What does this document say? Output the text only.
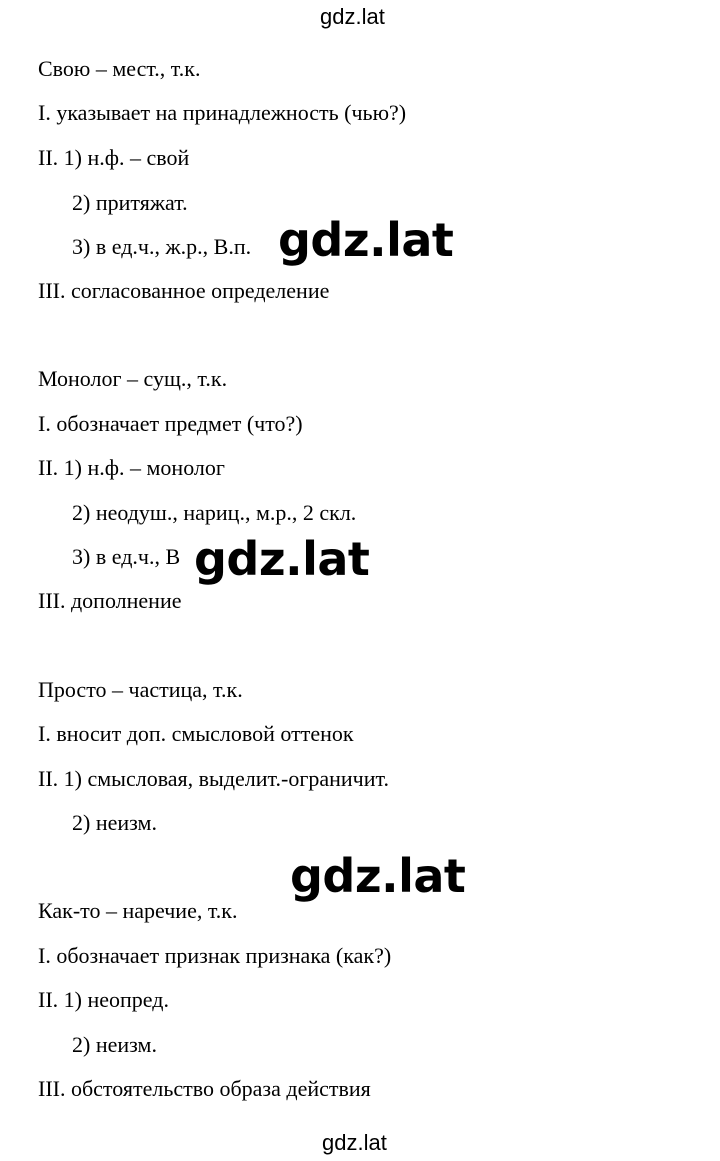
gdz.lat
Свою – мест., т.к.
I. указывает на принадлежность (чью?)
II. 1) н.ф. – свой
2) притяжат.
3) в ед.ч., ж.р., В.п.
III. согласованное определение
gdz.lat
Монолог – сущ., т.к.
I. обозначает предмет (что?)
II. 1) н.ф. – монолог
2) неодуш., нариц., м.р., 2 скл.
3) в ед.ч., В
III. дополнение
gdz.lat
Просто – частица, т.к.
I. вносит доп. смысловой оттенок
II. 1) смысловая, выделит.-ограничит.
2) неизм.
gdz.lat
Как-то – наречие, т.к.
I. обозначает признак признака (как?)
II. 1) неопред.
2) неизм.
III. обстоятельство образа действия
gdz.lat
